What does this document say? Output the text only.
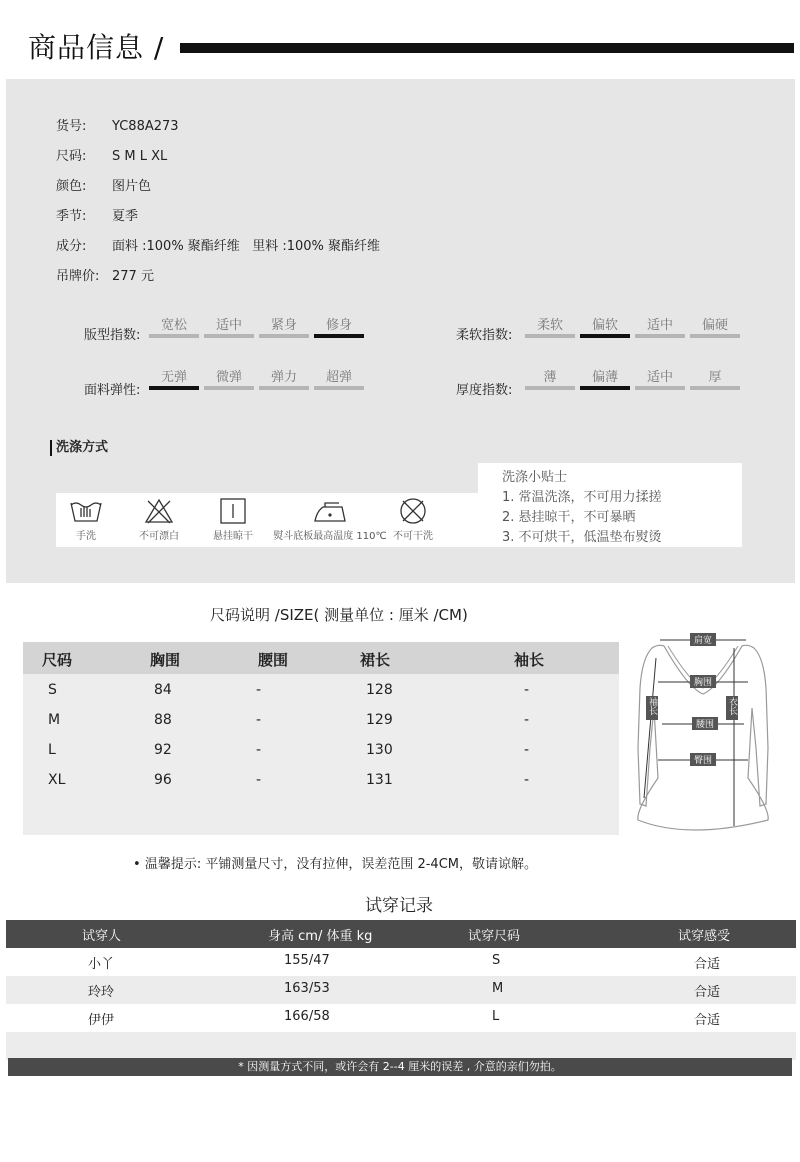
商品信息 /
货号: YC88A273
尺码: S M L XL
颜色: 图片色
季节: 夏季
成分: 面料 :100% 聚酯纤维   里料 :100% 聚酯纤维
吊牌价: 277 元
版型指数:
宽松	适中	紧身	修身
柔软指数:
柔软	偏软	适中	偏硬
面料弹性:
无弹	微弹	弹力	超弹
厚度指数:
薄	偏薄	适中	厚
洗涤方式
手洗	不可漂白	悬挂晾干	熨斗底板最高温度 110℃ 不可干洗
洗涤小贴士
1. 常温洗涤，不可用力揉搓
2. 悬挂晾干，不可暴晒
3. 不可烘干，低温垫布熨烫
尺码说明 /SIZE( 测量单位 : 厘米 /CM)
尺码	胸围	腰围	裙长	袖长
S	84	-	128	-
M	88	-	129	-
L	92	-	130	-
XL	96	-	131	-
肩宽
胸围
腰围
臀围
袖长	衣长
• 温馨提示: 平铺测量尺寸，没有拉伸，误差范围 2-4CM，敬请谅解。
试穿记录
试穿人	身高 cm/ 体重 kg	试穿尺码	试穿感受
小丫	155/47	S	合适
玲玲	163/53	M	合适
伊伊	166/58	L	合适
* 因测量方式不同，或许会有 2--4 厘米的误差 , 介意的亲们勿拍。
